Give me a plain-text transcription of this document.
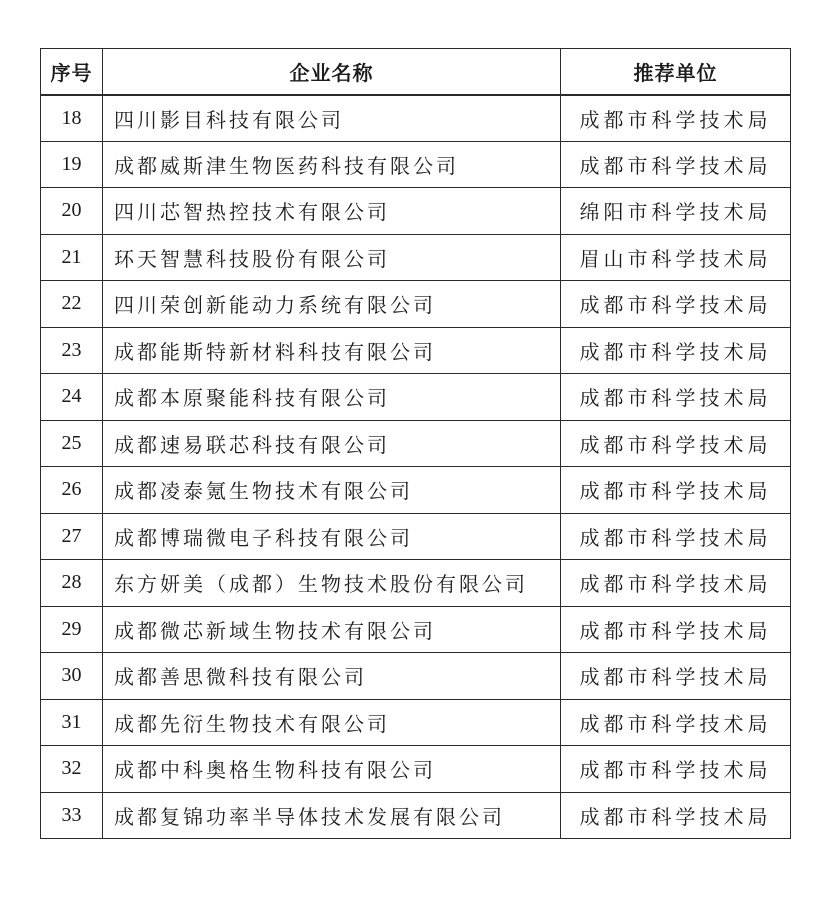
序号	企业名称	推荐单位
18	四川影目科技有限公司	成都市科学技术局
19	成都威斯津生物医药科技有限公司	成都市科学技术局
20	四川芯智热控技术有限公司	绵阳市科学技术局
21	环天智慧科技股份有限公司	眉山市科学技术局
22	四川荣创新能动力系统有限公司	成都市科学技术局
23	成都能斯特新材料科技有限公司	成都市科学技术局
24	成都本原聚能科技有限公司	成都市科学技术局
25	成都速易联芯科技有限公司	成都市科学技术局
26	成都凌泰氪生物技术有限公司	成都市科学技术局
27	成都博瑞微电子科技有限公司	成都市科学技术局
28	东方妍美（成都）生物技术股份有限公司	成都市科学技术局
29	成都微芯新域生物技术有限公司	成都市科学技术局
30	成都善思微科技有限公司	成都市科学技术局
31	成都先衍生物技术有限公司	成都市科学技术局
32	成都中科奥格生物科技有限公司	成都市科学技术局
33	成都复锦功率半导体技术发展有限公司	成都市科学技术局
